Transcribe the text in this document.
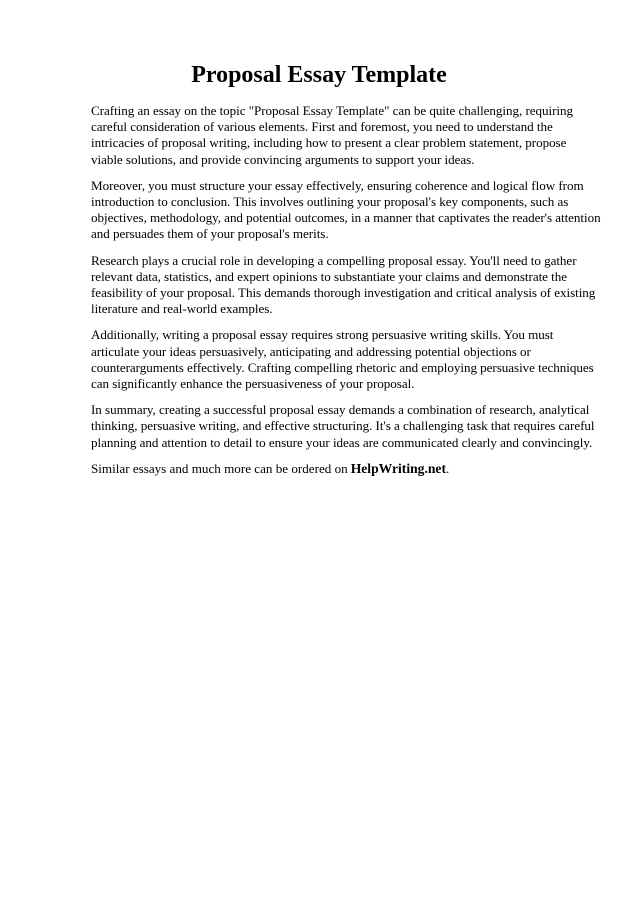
Proposal Essay Template

Crafting an essay on the topic "Proposal Essay Template" can be quite challenging, requiring careful consideration of various elements. First and foremost, you need to understand the intricacies of proposal writing, including how to present a clear problem statement, propose viable solutions, and provide convincing arguments to support your ideas.

Moreover, you must structure your essay effectively, ensuring coherence and logical flow from introduction to conclusion. This involves outlining your proposal's key components, such as objectives, methodology, and potential outcomes, in a manner that captivates the reader's attention and persuades them of your proposal's merits.

Research plays a crucial role in developing a compelling proposal essay. You'll need to gather relevant data, statistics, and expert opinions to substantiate your claims and demonstrate the feasibility of your proposal. This demands thorough investigation and critical analysis of existing literature and real-world examples.

Additionally, writing a proposal essay requires strong persuasive writing skills. You must articulate your ideas persuasively, anticipating and addressing potential objections or counterarguments effectively. Crafting compelling rhetoric and employing persuasive techniques can significantly enhance the persuasiveness of your proposal.

In summary, creating a successful proposal essay demands a combination of research, analytical thinking, persuasive writing, and effective structuring. It's a challenging task that requires careful planning and attention to detail to ensure your ideas are communicated clearly and convincingly.

Similar essays and much more can be ordered on HelpWriting.net.
